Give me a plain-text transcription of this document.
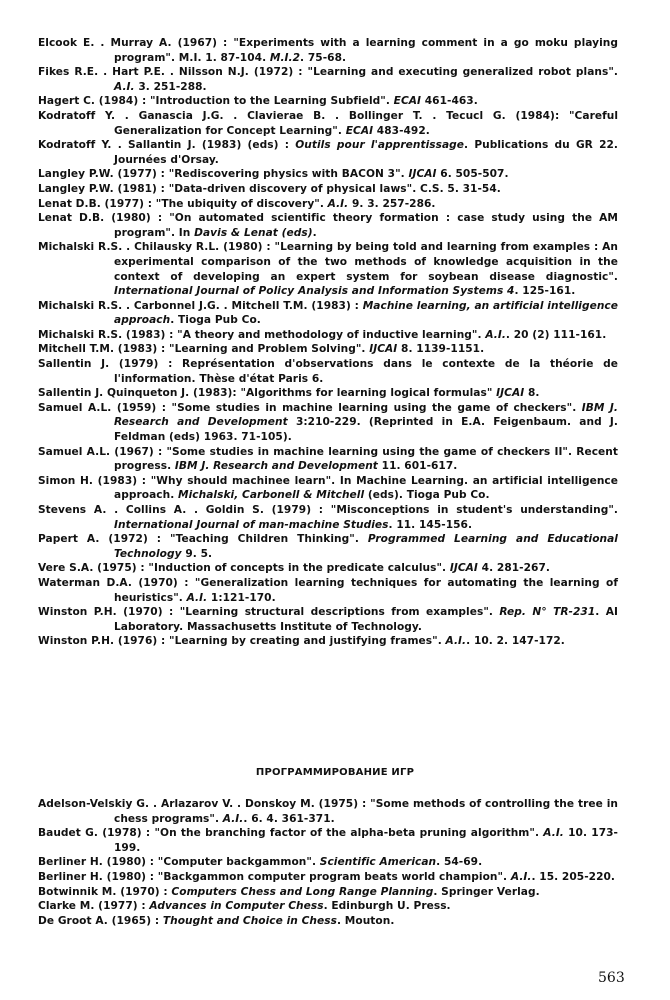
Elcook E. . Murray A. (1967) : "Experiments with a learning comment in a go moku playing program". M.I. 1. 87-104. M.I.2. 75-68.

Fikes R.E. . Hart P.E. . Nilsson N.J. (1972) : "Learning and executing generalized robot plans". A.I. 3. 251-288.

Hagert C. (1984) : "Introduction to the Learning Subfield". ECAI 461-463.

Kodratoff Y. . Ganascia J.G. . Clavierae B. . Bollinger T. . Tecucl G. (1984): "Careful Generalization for Concept Learning". ECAI 483-492.

Kodratoff Y. . Sallantin J. (1983) (eds) : Outils pour l'apprentissage. Publications du GR 22. Journées d'Orsay.

Langley P.W. (1977) : "Rediscovering physics with BACON 3". IJCAI 6. 505-507.

Langley P.W. (1981) : "Data-driven discovery of physical laws". C.S. 5. 31-54.

Lenat D.B. (1977) : "The ubiquity of discovery". A.I. 9. 3. 257-286.

Lenat D.B. (1980) : "On automated scientific theory formation : case study using the AM program". In Davis & Lenat (eds).

Michalski R.S. . Chilausky R.L. (1980) : "Learning by being told and learning from examples : An experimental comparison of the two methods of knowledge acquisition in the context of developing an expert system for soybean disease diagnostic". International Journal of Policy Analysis and Information Systems 4. 125-161.

Michalski R.S. . Carbonnel J.G. . Mitchell T.M. (1983) : Machine learning, an artificial intelligence approach. Tioga Pub Co.

Michalski R.S. (1983) : "A theory and methodology of inductive learning". A.I.. 20 (2) 111-161.

Mitchell T.M. (1983) : "Learning and Problem Solving". IJCAI 8. 1139-1151.

Sallentin J. (1979) : Représentation d'observations dans le contexte de la théorie de l'information. Thèse d'état Paris 6.

Sallentin J. Quinqueton J. (1983): "Algorithms for learning logical formulas" IJCAI 8.

Samuel A.L. (1959) : "Some studies in machine learning using the game of checkers". IBM J. Research and Development 3:210-229. (Reprinted in E.A. Feigenbaum. and J. Feldman (eds) 1963. 71-105).

Samuel A.L. (1967) : "Some studies in machine learning using the game of checkers II". Recent progress. IBM J. Research and Development 11. 601-617.

Simon H. (1983) : "Why should machinee learn". In Machine Learning. an artificial intelligence approach. Michalski, Carbonell & Mitchell (eds). Tioga Pub Co.

Stevens A. . Collins A. . Goldin S. (1979) : "Misconceptions in student's understanding". International Journal of man-machine Studies. 11. 145-156.

Papert A. (1972) : "Teaching Children Thinking". Programmed Learning and Educational Technology 9. 5.

Vere S.A. (1975) : "Induction of concepts in the predicate calculus". IJCAI 4. 281-267.

Waterman D.A. (1970) : "Generalization learning techniques for automating the learning of heuristics". A.I. 1:121-170.

Winston P.H. (1970) : "Learning structural descriptions from examples". Rep. N° TR-231. AI Laboratory. Massachusetts Institute of Technology.

Winston P.H. (1976) : "Learning by creating and justifying frames". A.I.. 10. 2. 147-172.

ПРОГРАММИРОВАНИЕ ИГР

Adelson-Velskiy G. . Arlazarov V. . Donskoy M. (1975) : "Some methods of controlling the tree in chess programs". A.I.. 6. 4. 361-371.

Baudet G. (1978) : "On the branching factor of the alpha-beta pruning algorithm". A.I. 10. 173-199.

Berliner H. (1980) : "Computer backgammon". Scientific American. 54-69.

Berliner H. (1980) : "Backgammon computer program beats world champion". A.I.. 15. 205-220.

Botwinnik M. (1970) : Computers Chess and Long Range Planning. Springer Verlag.

Clarke M. (1977) : Advances in Computer Chess. Edinburgh U. Press.

De Groot A. (1965) : Thought and Choice in Chess. Mouton.

563
